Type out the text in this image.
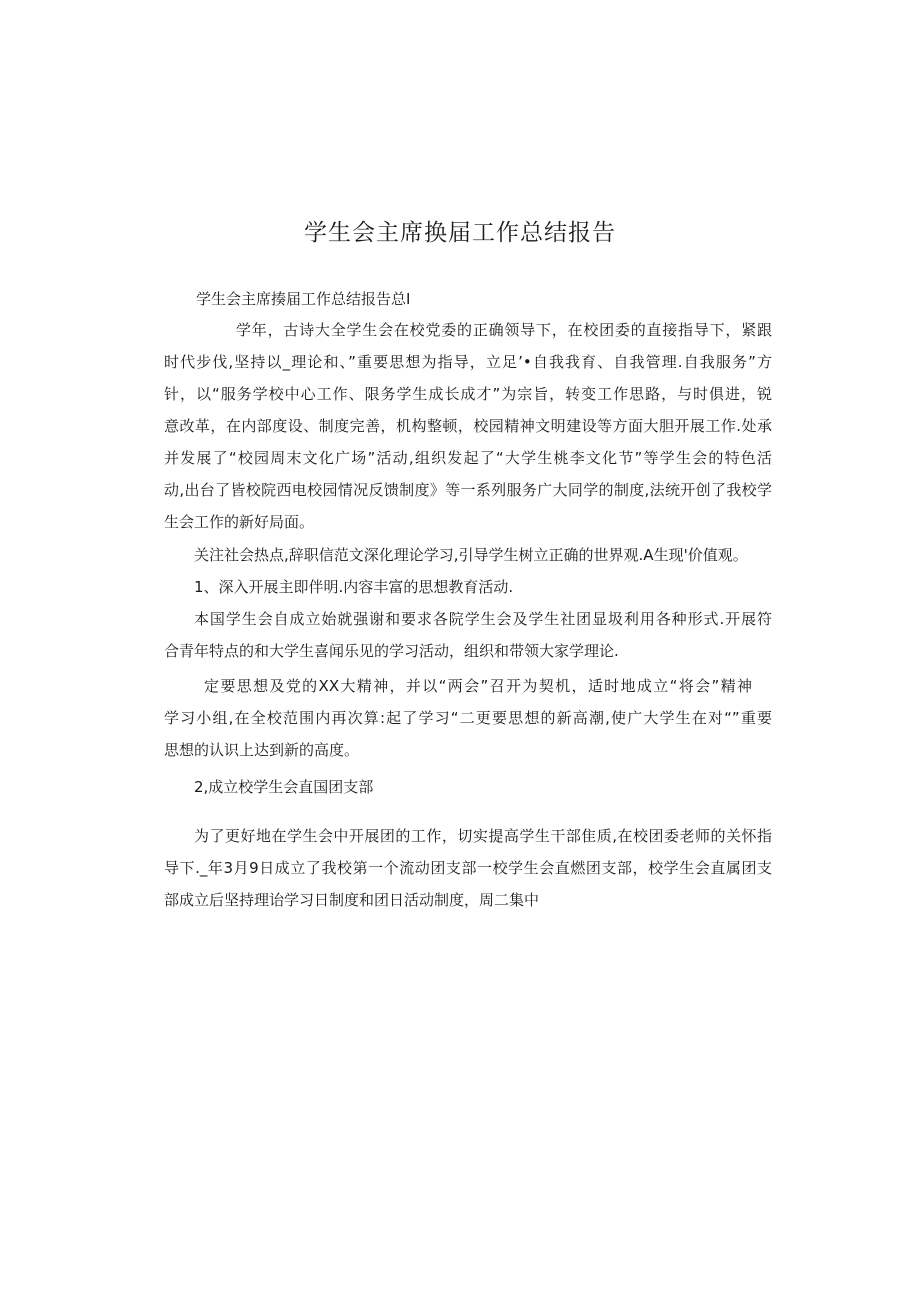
学生会主席换届工作总结报告
学生会主席揍届工作总结报告总I
学年，古诗大全学生会在校党委的正确领导下，在校团委的直接指导下，紧跟
时代步伐,坚持以_理论和、”重要思想为指导，立足’•自我我育、自我管理.自我服务”方
针，以“服务学校中心工作、限务学生成长成才”为宗旨，转变工作思路，与时俱进，锐
意改革，在内部度设、制度完善，机构整顿，校园精神文明建设等方面大胆开展工作.处承
并发展了“校园周末文化广场”活动,组织发起了“大学生桃李文化节”等学生会的特色活
动,出台了皆校院西电校园情况反馈制度》等一系列服务广大同学的制度,法统开创了我校学
生会工作的新好局面。
关注社会热点,辞职信范文深化理论学习,引导学生树立正确的世界观.A生现'价值观。
1、深入开展主即伴明.内容丰富的思想教育活动.
本国学生会自成立始就强谢和要求各院学生会及学生社团显圾利用各种形式.开展符
合青年特点的和大学生喜闻乐见的学习活动，组织和带领大家学理论.
定要思想及党的XX大精神，并以“两会”召开为契机，适时地成立“将会”精神
学习小组,在全校范围内再次算:起了学习“二更要思想的新高潮,使广大学生在对“”重要
思想的认识上达到新的高度。
2,成立校学生会直国团支部
为了更好地在学生会中开展团的工作，切实提高学生干部隹质,在校团委老师的关怀指
导下._年3月9日成立了我校第一个流动团支部一校学生会直燃团支部，校学生会直属团支
部成立后坚持理诒学习日制度和团日活动制度，周二集中
